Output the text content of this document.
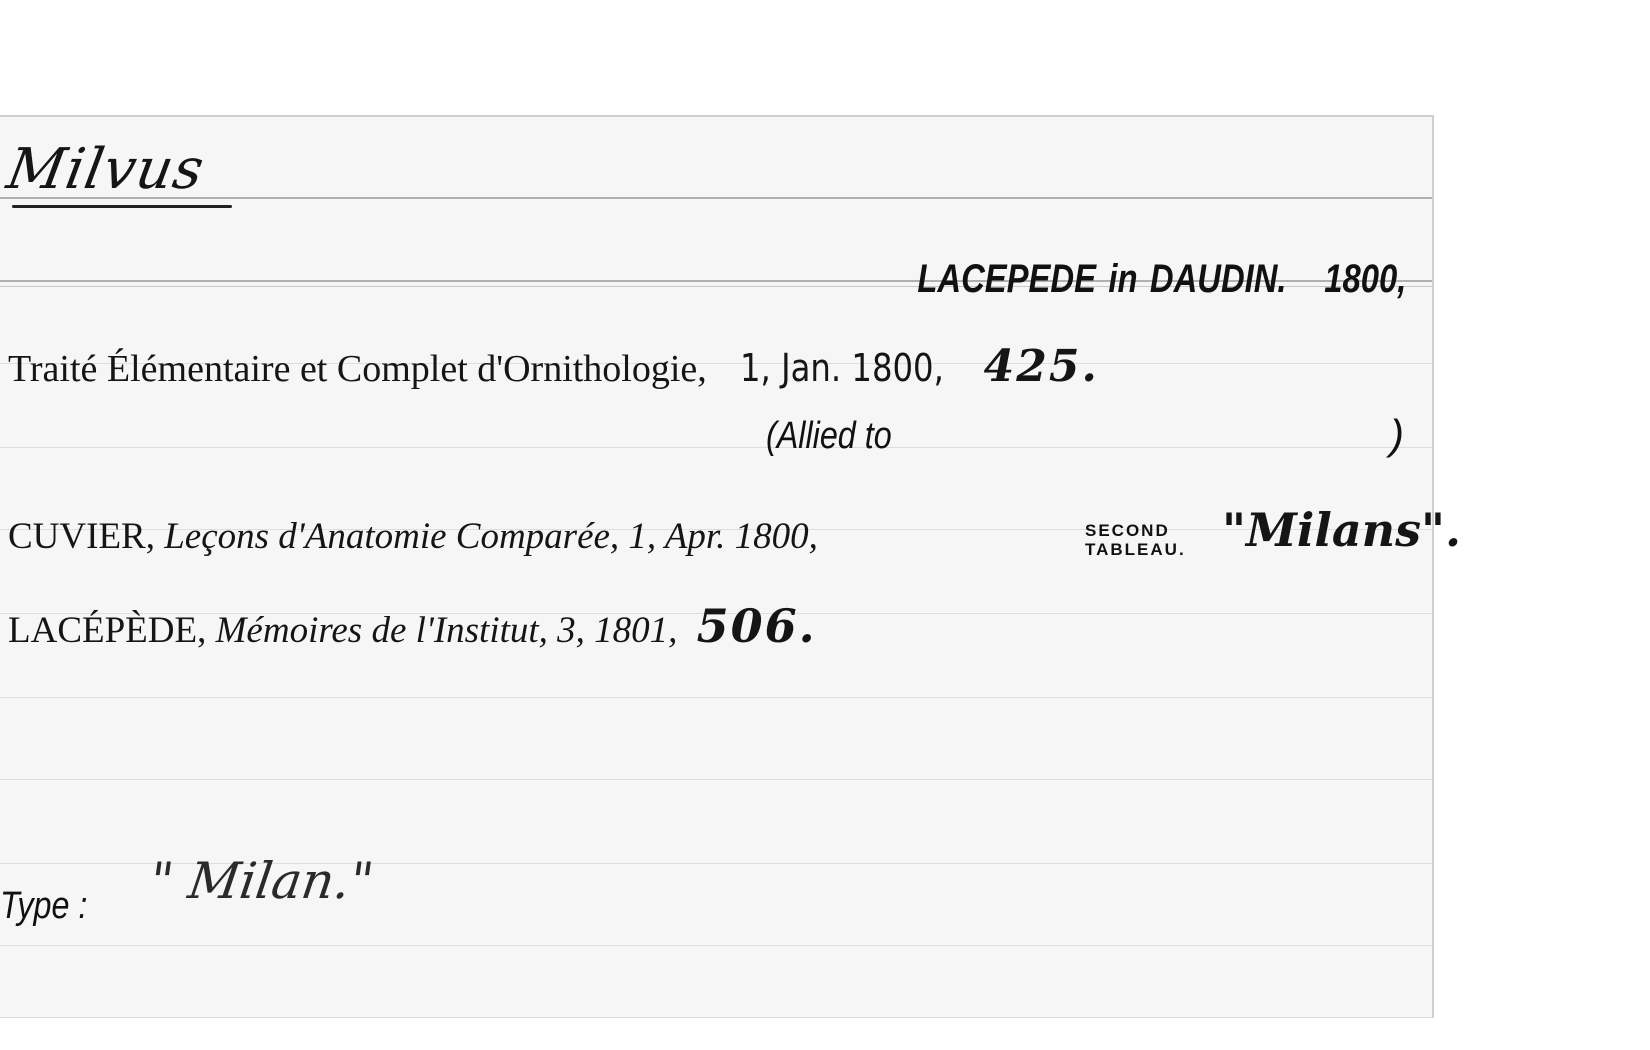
Milvus
LACEPEDE in DAUDIN. 1800,
Traité Élémentaire et Complet d'Ornithologie, 1, Jan. 1800, 425.
(Allied to	)
CUVIER, Leçons d'Anatomie Comparée, 1, Apr. 1800,	SECOND
TABLEAU. "Milans".
LACÉPÈDE, Mémoires de l'Institut, 3, 1801, 506.
Type : " Milan."
